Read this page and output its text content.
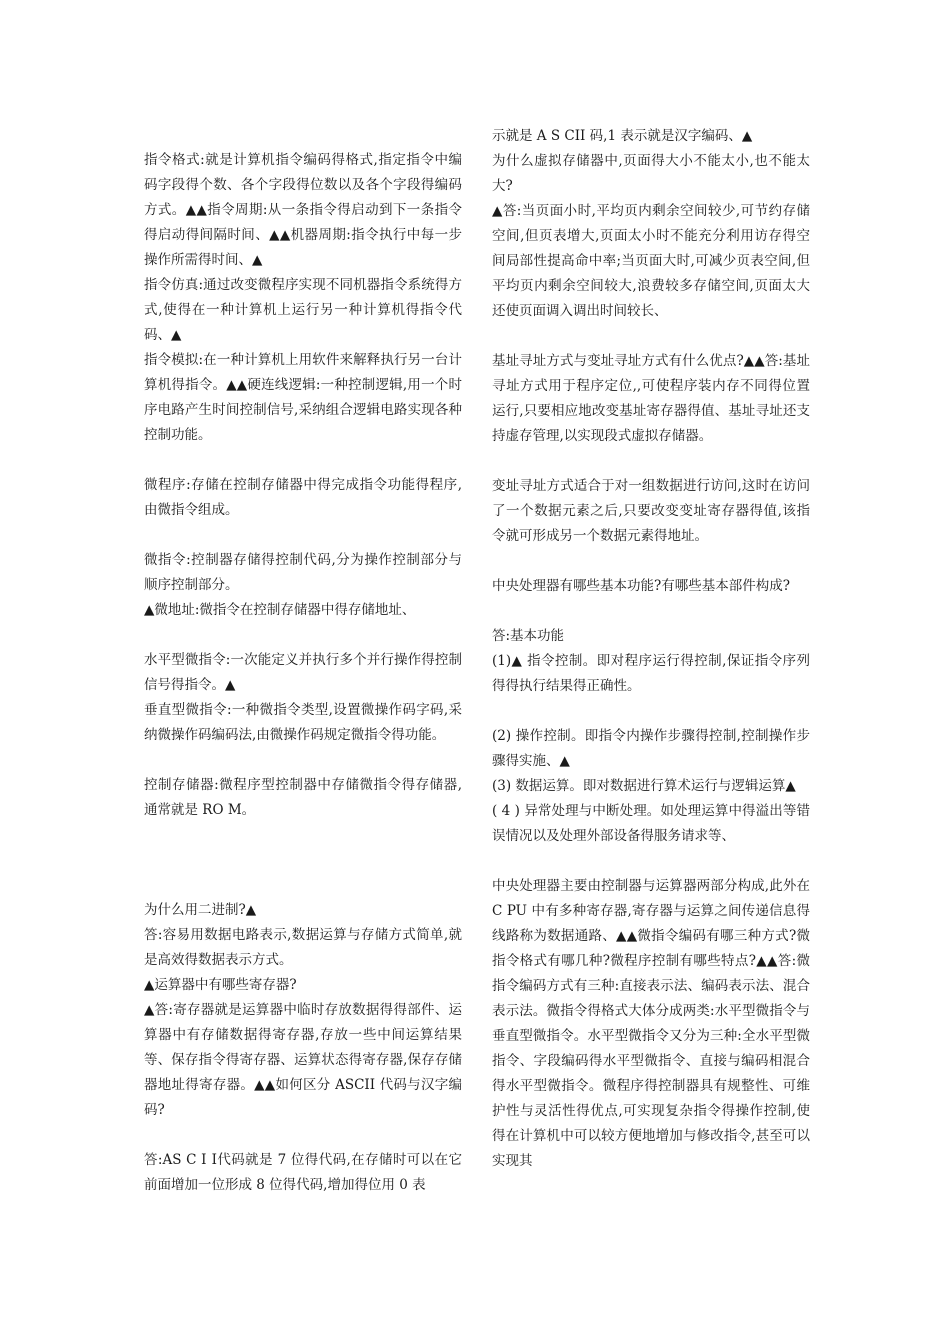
指令格式:就是计算机指令编码得格式,指定指令中编码字段得个数、各个字段得位数以及各个字段得编码方式。▲▲指令周期:从一条指令得启动到下一条指令得启动得间隔时间、▲▲机器周期:指令执行中每一步操作所需得时间、▲

指令仿真:通过改变微程序实现不同机器指令系统得方式,使得在一种计算机上运行另一种计算机得指令代码、▲

指令模拟:在一种计算机上用软件来解释执行另一台计算机得指令。▲▲硬连线逻辑:一种控制逻辑,用一个时序电路产生时间控制信号,采纳组合逻辑电路实现各种控制功能。

微程序:存储在控制存储器中得完成指令功能得程序,由微指令组成。

微指令:控制器存储得控制代码,分为操作控制部分与顺序控制部分。

▲微地址:微指令在控制存储器中得存储地址、

水平型微指令:一次能定义并执行多个并行操作得控制信号得指令。▲

垂直型微指令:一种微指令类型,设置微操作码字码,采纳微操作码编码法,由微操作码规定微指令得功能。

控制存储器:微程序型控制器中存储微指令得存储器,通常就是 RO M。

为什么用二进制?▲

答:容易用数据电路表示,数据运算与存储方式简单,就是高效得数据表示方式。

▲运算器中有哪些寄存器?

▲答:寄存器就是运算器中临时存放数据得得部件、运算器中有存储数据得寄存器,存放一些中间运算结果等、保存指令得寄存器、运算状态得寄存器,保存存储器地址得寄存器。▲▲如何区分 ASCII 代码与汉字编码?

答:AS C Ⅰ Ⅰ代码就是 7 位得代码,在存储时可以在它前面增加一位形成 8 位得代码,增加得位用 0 表

示就是 A S CII 码,1 表示就是汉字编码、▲

为什么虚拟存储器中,页面得大小不能太小,也不能太大?

▲答:当页面小时,平均页内剩余空间较少,可节约存储空间,但页表增大,页面太小时不能充分利用访存得空间局部性提高命中率;当页面大时,可减少页表空间,但平均页内剩余空间较大,浪费较多存储空间,页面太大还使页面调入调出时间较长、

基址寻址方式与变址寻址方式有什么优点?▲▲答:基址寻址方式用于程序定位,,可使程序装内存不同得位置运行,只要相应地改变基址寄存器得值、基址寻址还支持虚存管理,以实现段式虚拟存储器。

变址寻址方式适合于对一组数据进行访问,这时在访问了一个数据元素之后,只要改变变址寄存器得值,该指令就可形成另一个数据元素得地址。

中央处理器有哪些基本功能?有哪些基本部件构成?

答:基本功能

(1)▲ 指令控制。即对程序运行得控制,保证指令序列得得执行结果得正确性。

(2) 操作控制。即指令内操作步骤得控制,控制操作步骤得实施、▲

(3) 数据运算。即对数据进行算术运行与逻辑运算▲

( 4 ) 异常处理与中断处理。如处理运算中得溢出等错误情况以及处理外部设备得服务请求等、

中央处理器主要由控制器与运算器两部分构成,此外在 C PU 中有多种寄存器,寄存器与运算之间传递信息得线路称为数据通路、▲▲微指令编码有哪三种方式?微指令格式有哪几种?微程序控制有哪些特点?▲▲答:微指令编码方式有三种:直接表示法、编码表示法、混合表示法。微指令得格式大体分成两类:水平型微指令与垂直型微指令。水平型微指令又分为三种:全水平型微指令、字段编码得水平型微指令、直接与编码相混合得水平型微指令。微程序得控制器具有规整性、可维护性与灵活性得优点,可实现复杂指令得操作控制,使得在计算机中可以较方便地增加与修改指令,甚至可以实现其
